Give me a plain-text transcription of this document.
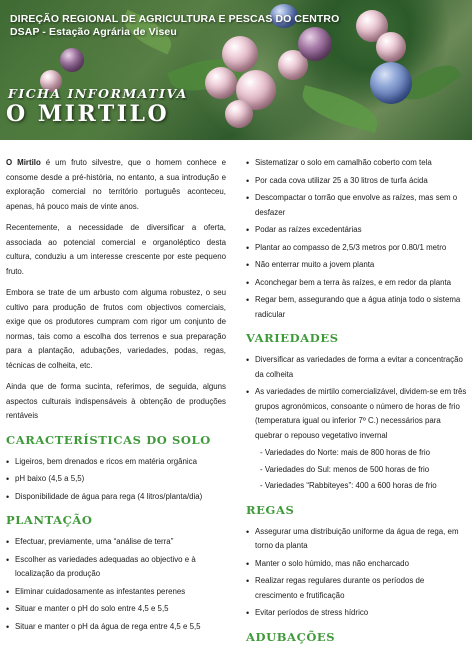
DIREÇÃO REGIONAL DE AGRICULTURA E PESCAS DO CENTRO
DSAP - Estação Agrária de Viseu
FICHA INFORMATIVA
O MIRTILO

O Mirtilo é um fruto silvestre, que o homem conhece e consome desde a pré-história, no entanto, a sua introdução e exploração comercial no território português aconteceu, apenas, há pouco mais de vinte anos.

Recentemente, a necessidade de diversificar a oferta, associada ao potencial comercial e organoléptico desta cultura, conduziu a um interesse crescente por este pequeno fruto.

Embora se trate de um arbusto com alguma robustez, o seu cultivo para produção de frutos com objectivos comerciais, exige que os produtores cumpram com rigor um conjunto de normas, tais como a escolha dos terrenos e sua preparação para a plantação, adubações, variedades, podas, regas, técnicas de colheita, etc.

Ainda que de forma sucinta, referimos, de seguida, alguns aspectos culturais indispensáveis à obtenção de produções rentáveis

CARACTERÍSTICAS DO SOLO
• Ligeiros, bem drenados e ricos em matéria orgânica
• pH baixo (4,5 a 5,5)
• Disponibilidade de água para rega (4 litros/planta/dia)
PLANTAÇÃO
• Efectuar, previamente, uma “análise de terra”
• Escolher as variedades adequadas ao objectivo e à localização da produção
• Eliminar cuidadosamente as infestantes perenes
• Situar e manter o pH do solo entre 4,5 e 5,5
• Situar e manter o pH da água de rega entre 4,5 e 5,5
• Sistematizar o solo em camalhão coberto com tela
• Por cada cova utilizar 25 a 30 litros de turfa ácida
• Descompactar o torrão que envolve as raízes, mas sem o desfazer
• Podar as raízes excedentárias
• Plantar ao compasso de 2,5/3 metros por 0.80/1 metro
• Não enterrar muito a jovem planta
• Aconchegar bem a terra às raízes, e em redor da planta
• Regar bem, assegurando que a água atinja todo o sistema radicular
VARIEDADES
• Diversificar as variedades de forma a evitar a concentração da colheita
• As variedades de mirtilo comercializável, dividem-se em três grupos agronómicos, consoante o número de horas de frio (temperatura igual ou inferior 7º C.) necessários para quebrar o repouso vegetativo invernal
- Variedades do Norte: mais de 800 horas de frio
- Variedades do Sul: menos de 500 horas de frio
- Variedades “Rabbiteyes”: 400 a 600 horas de frio
REGAS
• Assegurar uma distribuição uniforme da água de rega, em torno da planta
• Manter o solo húmido, mas não encharcado
• Realizar regas regulares durante os períodos de crescimento e frutificação
• Evitar períodos de stress hídrico
ADUBAÇÕES
